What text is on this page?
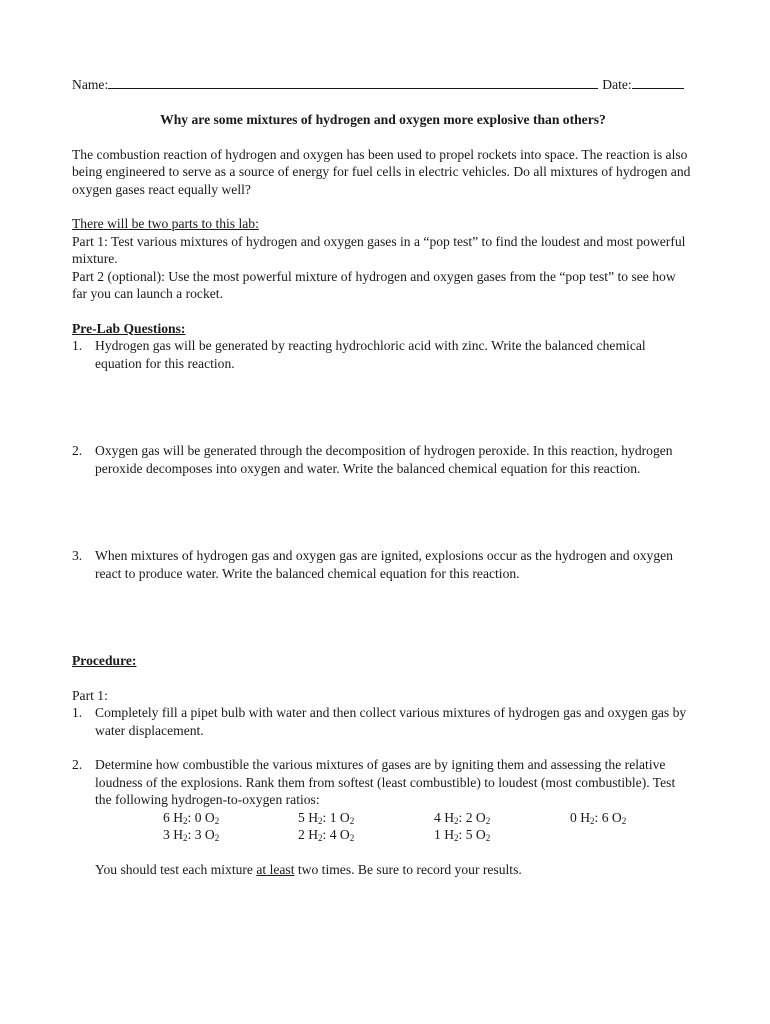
Name:	Date:
Why are some mixtures of hydrogen and oxygen more explosive than others?

The combustion reaction of hydrogen and oxygen has been used to propel rockets into space. The reaction is also being engineered to serve as a source of energy for fuel cells in electric vehicles. Do all mixtures of hydrogen and oxygen gases react equally well?

There will be two parts to this lab:

Part 1: Test various mixtures of hydrogen and oxygen gases in a “pop test” to find the loudest and most powerful mixture.

Part 2 (optional): Use the most powerful mixture of hydrogen and oxygen gases from the “pop test” to see how far you can launch a rocket.

Pre-Lab Questions:

1. Hydrogen gas will be generated by reacting hydrochloric acid with zinc. Write the balanced chemical equation for this reaction.
2. Oxygen gas will be generated through the decomposition of hydrogen peroxide. In this reaction, hydrogen peroxide decomposes into oxygen and water. Write the balanced chemical equation for this reaction.
3. When mixtures of hydrogen gas and oxygen gas are ignited, explosions occur as the hydrogen and oxygen react to produce water. Write the balanced chemical equation for this reaction.

Procedure:

Part 1:

1. Completely fill a pipet bulb with water and then collect various mixtures of hydrogen gas and oxygen gas by water displacement.
2. Determine how combustible the various mixtures of gases are by igniting them and assessing the relative loudness of the explosions. Rank them from softest (least combustible) to loudest (most combustible). Test the following hydrogen-to-oxygen ratios:
6 $H_2$: 0 $O_2$	5 $H_2$: 1 $O_2$	4 $H_2$: 2 $O_2$	0 $H_2$: 6 $O_2$
3 $H_2$: 3 $O_2$	2 $H_2$: 4 $O_2$	1 $H_2$: 5 $O_2$

You should test each mixture at least two times. Be sure to record your results.
